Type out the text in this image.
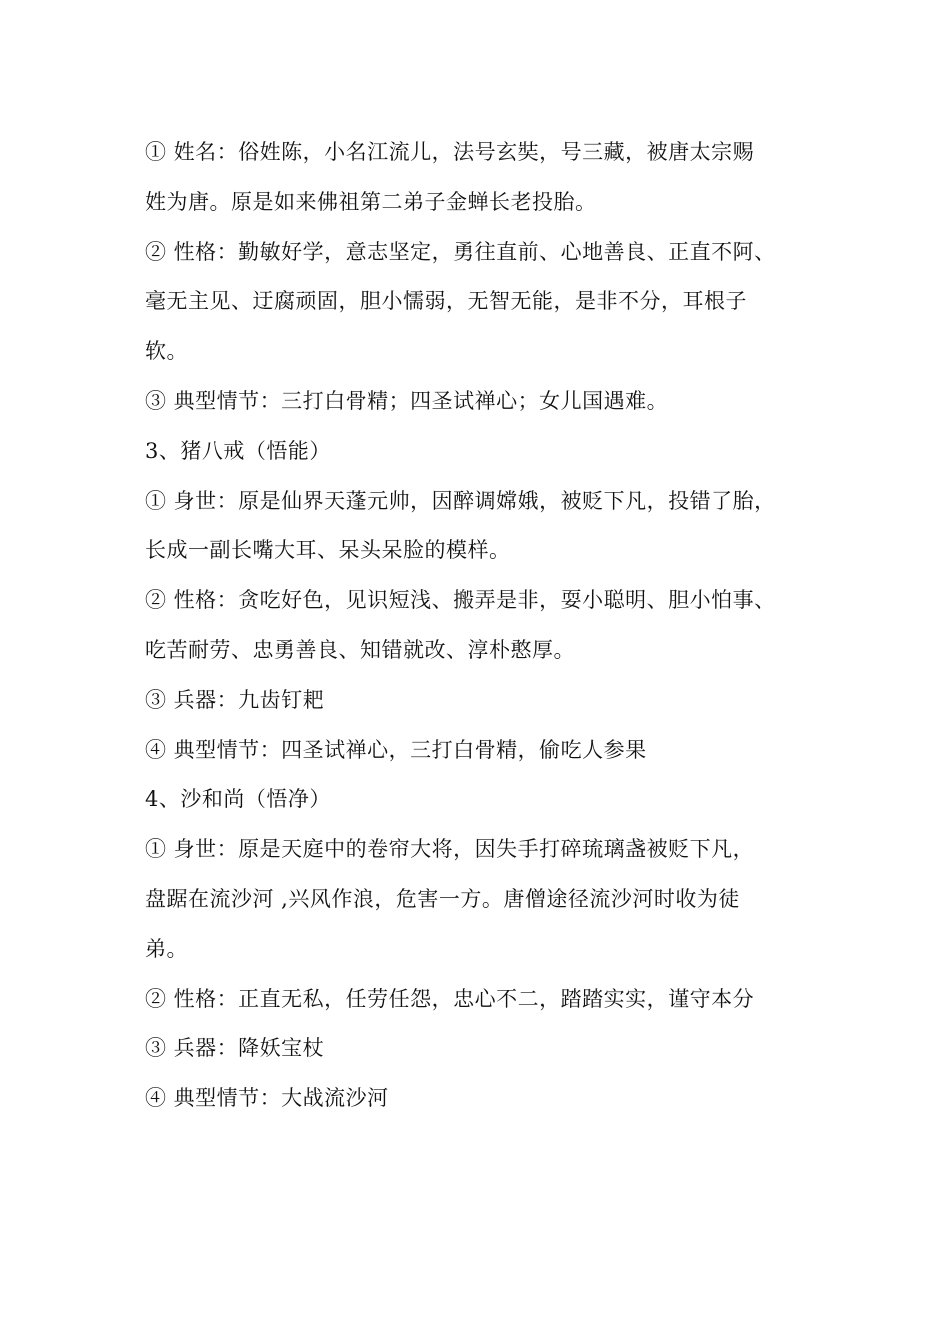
① 姓名：俗姓陈，小名江流儿，法号玄奘，号三藏，被唐太宗赐
姓为唐。原是如来佛祖第二弟子金蝉长老投胎。
② 性格：勤敏好学，意志坚定，勇往直前、心地善良、正直不阿、
毫无主见、迂腐顽固，胆小懦弱，无智无能，是非不分，耳根子
软。
③ 典型情节：三打白骨精；四圣试禅心；女儿国遇难。
3、猪八戒（悟能）
① 身世：原是仙界天蓬元帅，因醉调嫦娥，被贬下凡，投错了胎，
长成一副长嘴大耳、呆头呆脸的模样。
② 性格：贪吃好色，见识短浅、搬弄是非，耍小聪明、胆小怕事、
吃苦耐劳、忠勇善良、知错就改、淳朴憨厚。
③ 兵器：九齿钉耙
④ 典型情节：四圣试禅心，三打白骨精，偷吃人参果
4、沙和尚（悟净）
① 身世：原是天庭中的卷帘大将，因失手打碎琉璃盏被贬下凡，
盘踞在流沙河 ,兴风作浪，危害一方。唐僧途径流沙河时收为徒
弟。
② 性格：正直无私，任劳任怨，忠心不二，踏踏实实，谨守本分
③ 兵器：降妖宝杖
④ 典型情节：大战流沙河
